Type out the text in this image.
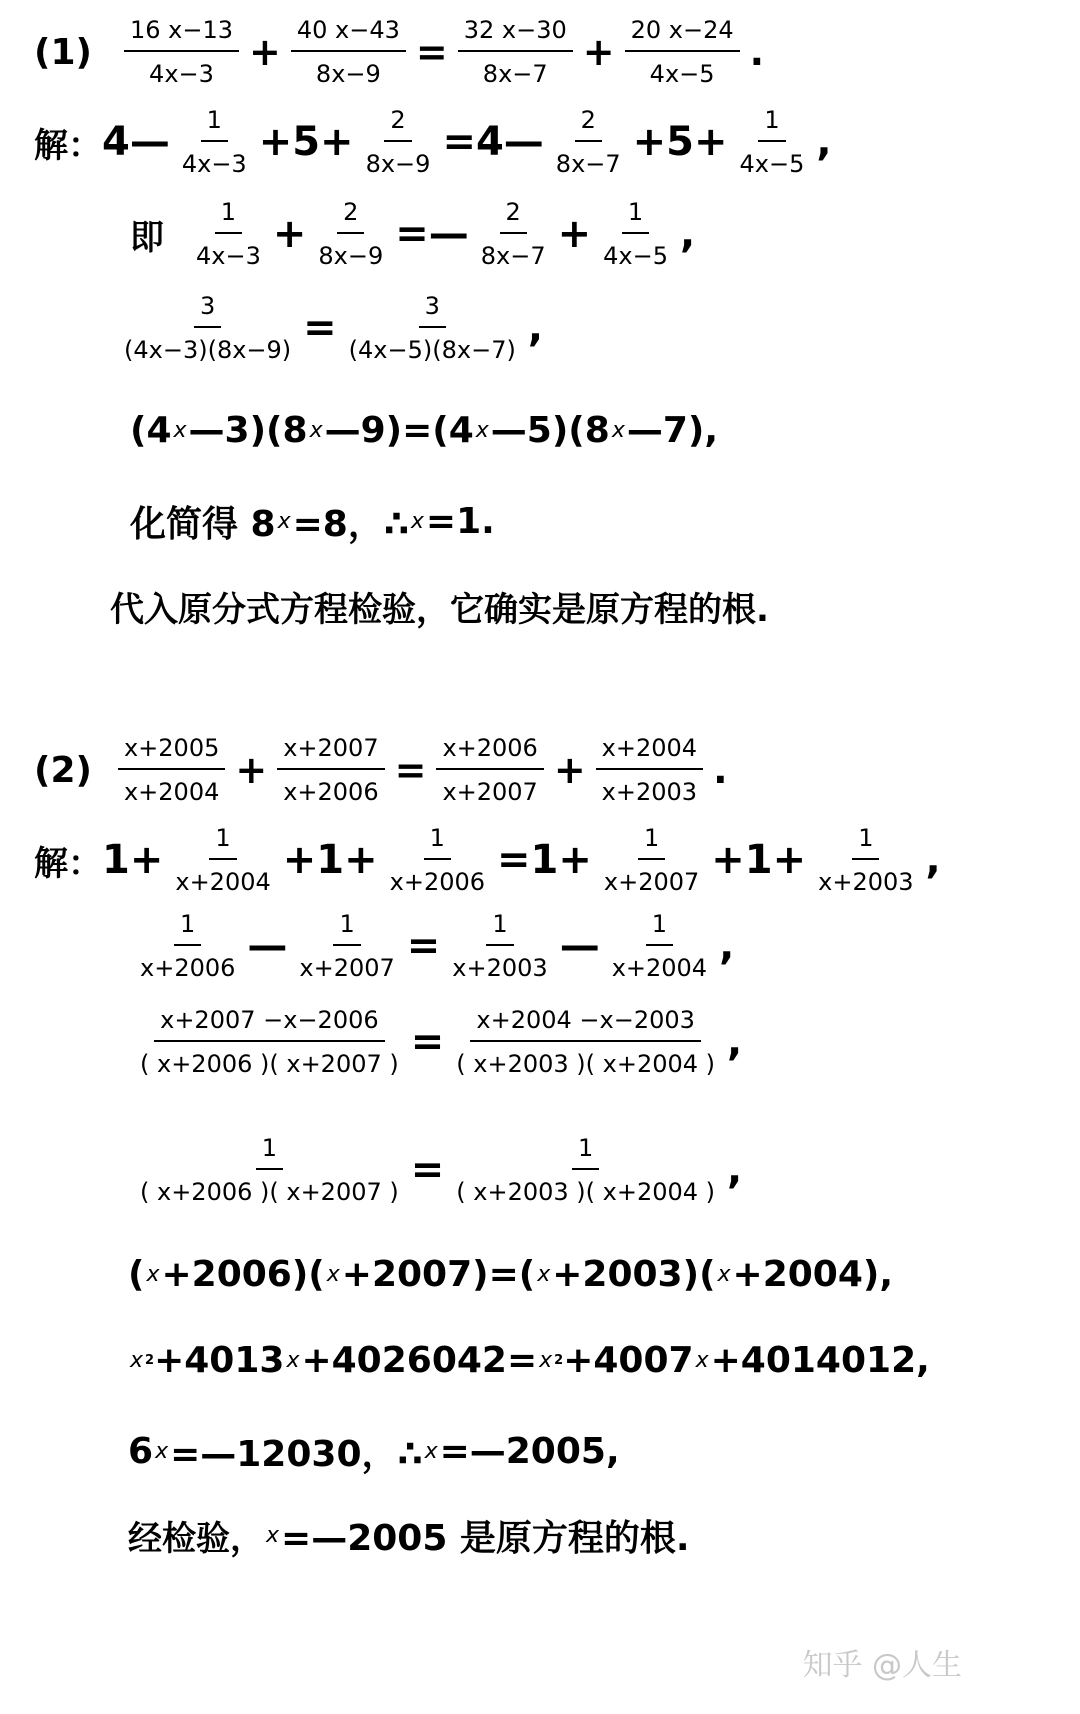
$(1) \frac{16 x-13}{4x-3} + \frac{40 x-43}{8x-9} = \frac{32 x-30}{8x-7} + \frac{20 x-24}{4x-5}$ .
解： 4— $\frac{1}{4x-3} +5+ \frac{2}{8x-9}$ =4— $\frac{2}{8x-7} +5+ \frac{1}{4x-5}$ ,
即 $\frac{1}{4x-3} + \frac{2}{8x-9}$ =— $\frac{2}{8x-7} + \frac{1}{4x-5}$ ,
$\frac{3}{(4x-3)(8x-9)} = \frac{3}{(4x-5)(8x-7)}$ ,
(4 x —3)(8 x —9)=(4 x —5)(8 x —7),
化简得 8 x =8，∴ x =1.
代入原分式方程检验，它确实是原方程的根.
$(2) \frac{x+2005}{x+2004} + \frac{x+2007}{x+2006} = \frac{x+2006}{x+2007} + \frac{x+2004}{x+2003}$ .
解： $1+ \frac{1}{x+2004} +1+ \frac{1}{x+2006} =1+ \frac{1}{x+2007} +1+ \frac{1}{x+2003}$ ,
$\frac{1}{x+2006}$ — $\frac{1}{x+2007} = \frac{1}{x+2003}$ — $\frac{1}{x+2004}$ ,
$\frac{x+2007 -x-2006}{( x+2006 )( x+2007 )} = \frac{x+2004 -x-2003}{( x+2003 )( x+2004 )}$ ,
$\frac{1}{( x+2006 )( x+2007 )} = \frac{1}{( x+2003 )( x+2004 )}$ ,
( x +2006)( x +2007)=( x +2003)( x +2004),
x 2 +4013 x +4026042= x 2 +4007 x +4014012,
6 x =—12030，∴ x =—2005,
经检验， x =—2005 是原方程的根.
知乎 @人生
